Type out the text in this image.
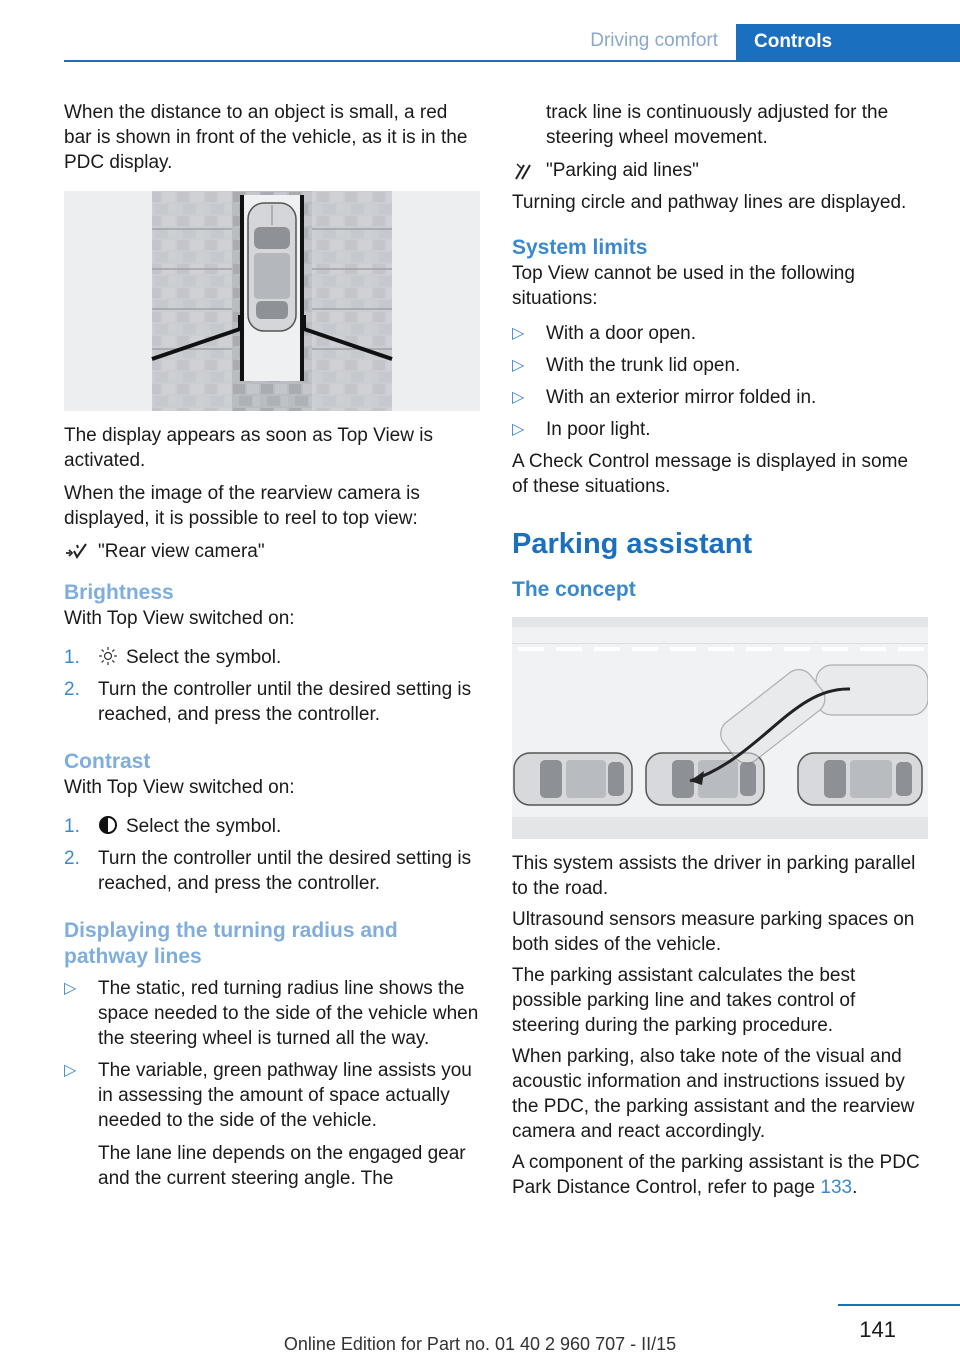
Driving comfort	Controls

When the distance to an object is small, a red bar is shown in front of the vehicle, as it is in the PDC display.

The display appears as soon as Top View is activated.

When the image of the rearview camera is displayed, it is possible to reel to top view:

"Rear view camera"
Brightness

With Top View switched on:

1. Select the symbol.
2. Turn the controller until the desired setting is reached, and press the controller.
Contrast

With Top View switched on:

1. Select the symbol.
2. Turn the controller until the desired setting is reached, and press the controller.
Displaying the turning radius and pathway lines
▷ The static, red turning radius line shows the space needed to the side of the vehicle when the steering wheel is turned all the way.
▷ The variable, green pathway line assists you in assessing the amount of space actually needed to the side of the vehicle.
The lane line depends on the engaged gear and the current steering angle. The

track line is continuously adjusted for the steering wheel movement.

"Parking aid lines"

Turning circle and pathway lines are displayed.

System limits

Top View cannot be used in the following situations:

▷ With a door open.
▷ With the trunk lid open.
▷ With an exterior mirror folded in.
▷ In poor light.

A Check Control message is displayed in some of these situations.

Parking assistant
The concept

This system assists the driver in parking parallel to the road.

Ultrasound sensors measure parking spaces on both sides of the vehicle.

The parking assistant calculates the best possible parking line and takes control of steering during the parking procedure.

When parking, also take note of the visual and acoustic information and instructions issued by the PDC, the parking assistant and the rearview camera and react accordingly.

A component of the parking assistant is the PDC Park Distance Control, refer to page 133.

141
Online Edition for Part no. 01 40 2 960 707 - II/15
